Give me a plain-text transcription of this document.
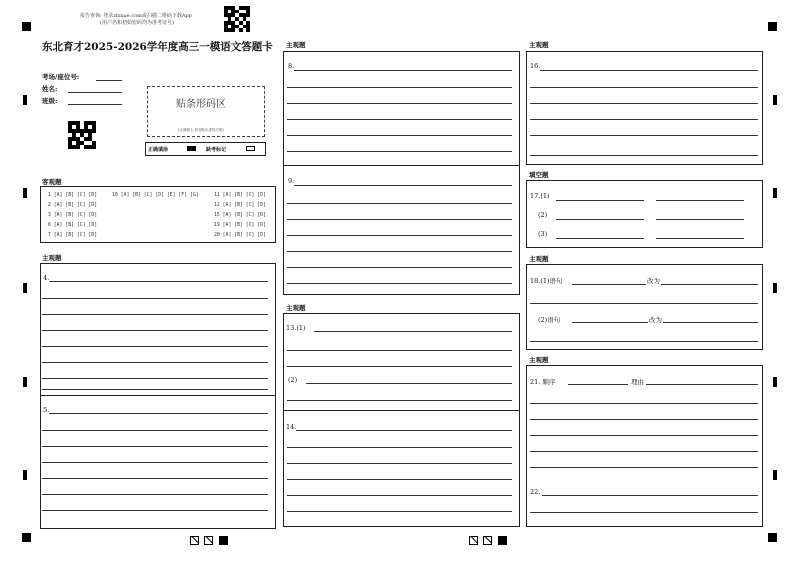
报告查询: 登录zhixue.com或扫描二维码下载App
(用户名和初始密码均为准考证号)
东北育才2025-2026学年度高三一模语文答题卡
考场/座位号:
姓名:
班级:	贴条形码区
(正面朝上,切勿贴出虚线方框)
正确填涂	缺考标记
客观题
1 [A] [B] [C] [D]	10 [A] [B] [C] [D] [E] [F] [G]	11 [A] [B] [C] [D]
2 [A] [B] [C] [D]	12 [A] [B] [C] [D]
3 [A] [B] [C] [D]	15 [A] [B] [C] [D]
6 [A] [B] [C] [D]	19 [A] [B] [C] [D]
7 [A] [B] [C] [D]	20 [A] [B] [C] [D]
主观题
4.
5.
主观题
8.
9.
主观题
13.(1)
(2)
14.
主观题
16.
填空题
17.(1)
(2)
(3)
主观题
18.(1)语句	改为
(2)语句	改为
主观题
21. 顺序	理由
22.
